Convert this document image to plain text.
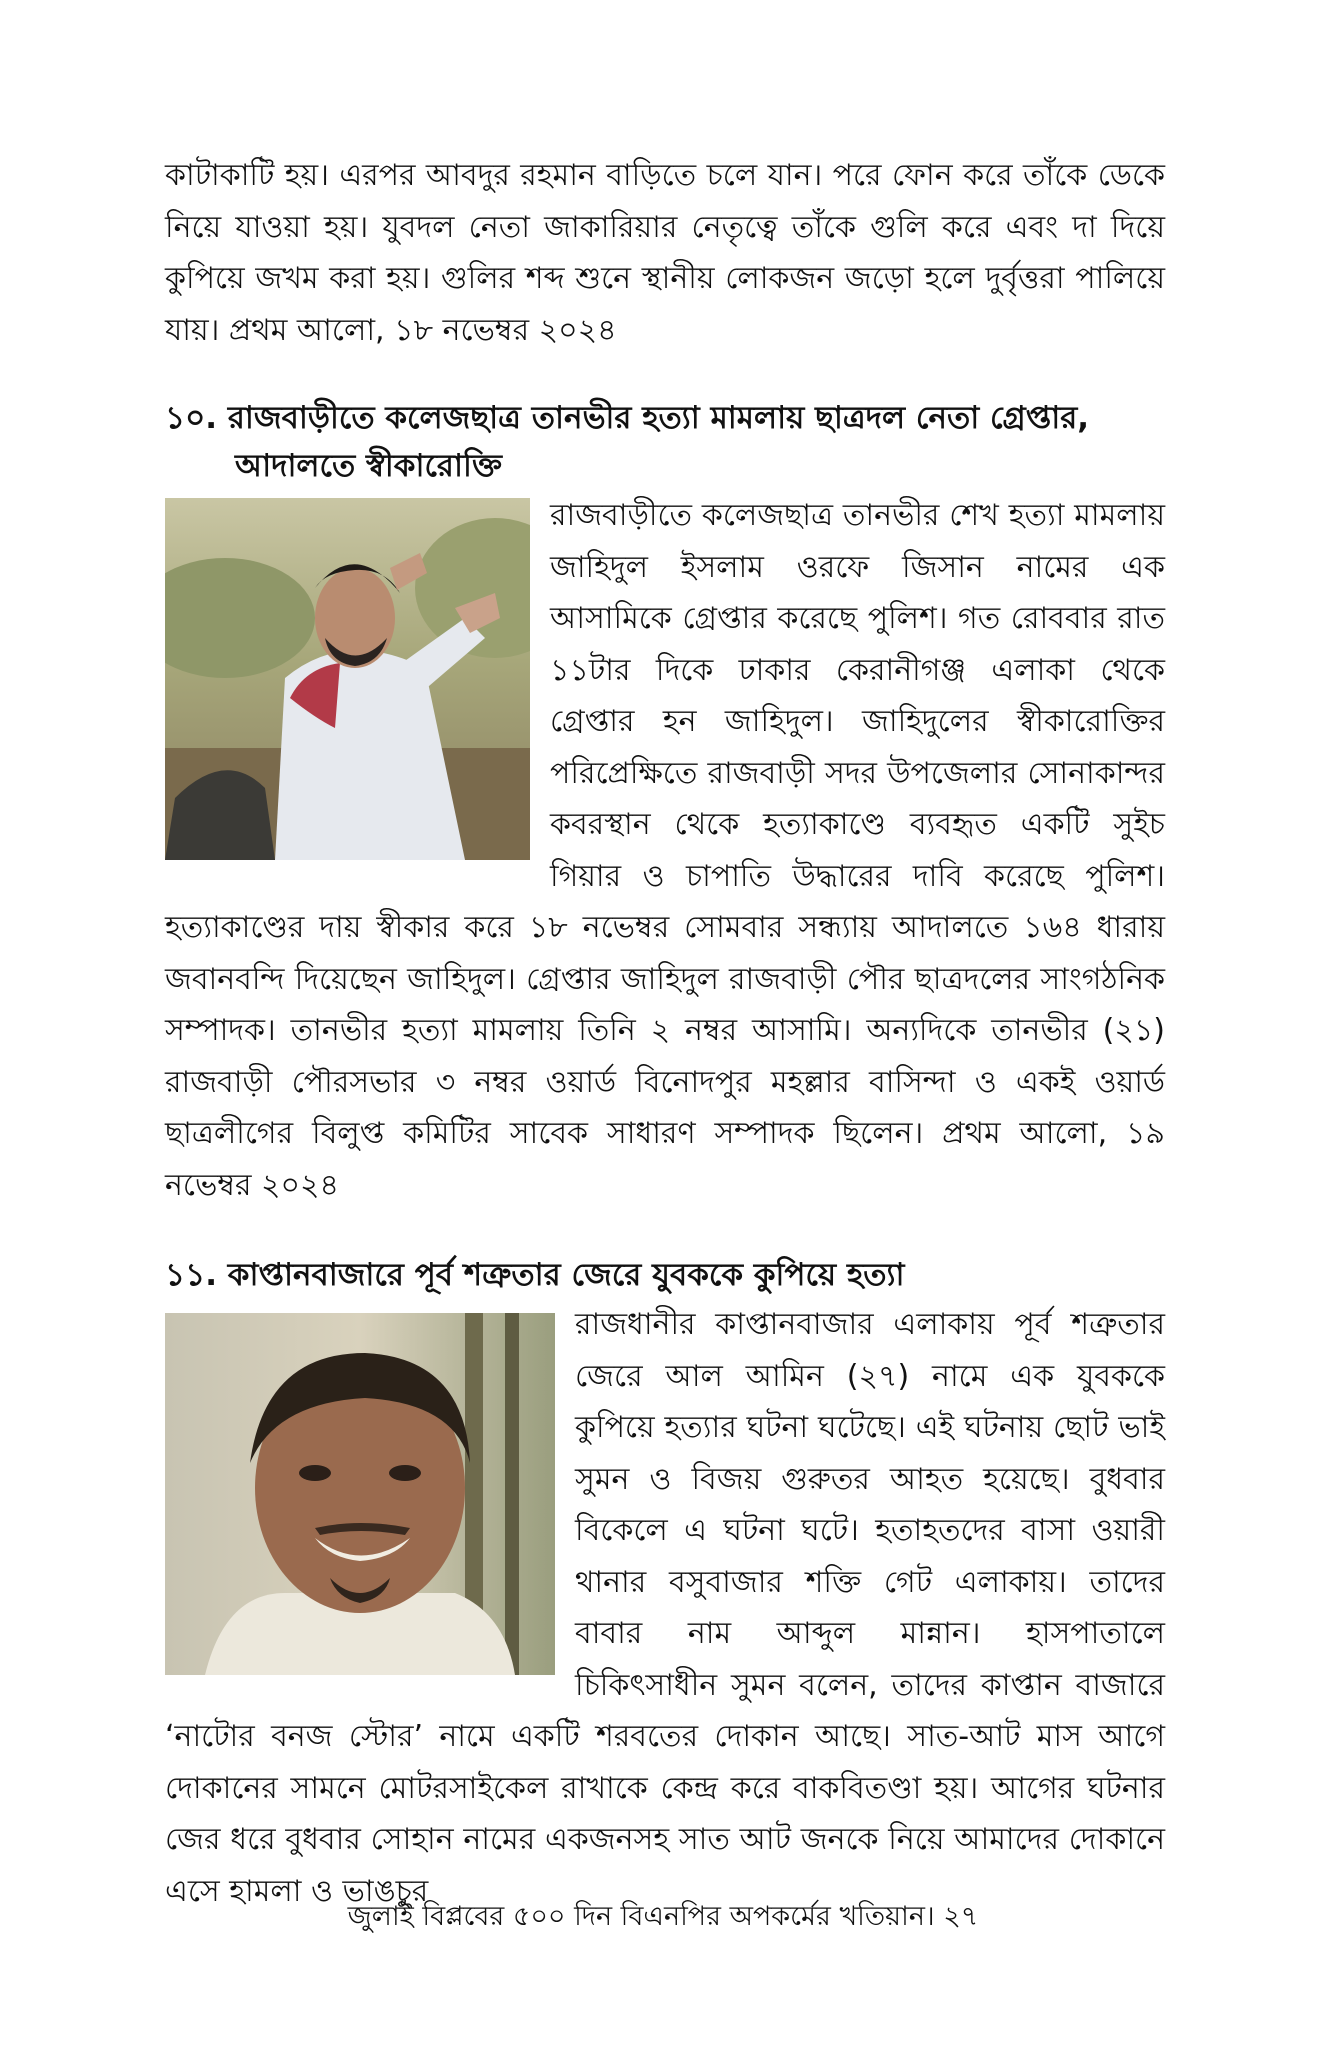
কাটাকাটি হয়। এরপর আবদুর রহমান বাড়িতে চলে যান। পরে ফোন করে তাঁকে ডেকে নিয়ে যাওয়া হয়। যুবদল নেতা জাকারিয়ার নেতৃত্বে তাঁকে গুলি করে এবং দা দিয়ে কুপিয়ে জখম করা হয়। গুলির শব্দ শুনে স্থানীয় লোকজন জড়ো হলে দুর্বৃত্তরা পালিয়ে যায়। প্রথম আলো, ১৮ নভেম্বর ২০২৪

১০. রাজবাড়ীতে কলেজছাত্র তানভীর হত্যা মামলায় ছাত্রদল নেতা গ্রেপ্তার, আদালতে স্বীকারোক্তি

রাজবাড়ীতে কলেজছাত্র তানভীর শেখ হত্যা মামলায় জাহিদুল ইসলাম ওরফে জিসান নামের এক আসামিকে গ্রেপ্তার করেছে পুলিশ। গত রোববার রাত ১১টার দিকে ঢাকার কেরানীগঞ্জ এলাকা থেকে গ্রেপ্তার হন জাহিদুল। জাহিদুলের স্বীকারোক্তির পরিপ্রেক্ষিতে রাজবাড়ী সদর উপজেলার সোনাকান্দর কবরস্থান থেকে হত্যাকাণ্ডে ব্যবহৃত একটি সুইচ গিয়ার ও চাপাতি উদ্ধারের দাবি করেছে পুলিশ। হত্যাকাণ্ডের দায় স্বীকার করে ১৮ নভেম্বর সোমবার সন্ধ্যায় আদালতে ১৬৪ ধারায় জবানবন্দি দিয়েছেন জাহিদুল। গ্রেপ্তার জাহিদুল রাজবাড়ী পৌর ছাত্রদলের সাংগঠনিক সম্পাদক। তানভীর হত্যা মামলায় তিনি ২ নম্বর আসামি। অন্যদিকে তানভীর (২১) রাজবাড়ী পৌরসভার ৩ নম্বর ওয়ার্ড বিনোদপুর মহল্লার বাসিন্দা ও একই ওয়ার্ড ছাত্রলীগের বিলুপ্ত কমিটির সাবেক সাধারণ সম্পাদক ছিলেন। প্রথম আলো, ১৯ নভেম্বর ২০২৪

১১. কাপ্তানবাজারে পূর্ব শত্রুতার জেরে যুবককে কুপিয়ে হত্যা

রাজধানীর কাপ্তানবাজার এলাকায় পূর্ব শত্রুতার জেরে আল আমিন (২৭) নামে এক যুবককে কুপিয়ে হত্যার ঘটনা ঘটেছে। এই ঘটনায় ছোট ভাই সুমন ও বিজয় গুরুতর আহত হয়েছে। বুধবার বিকেলে এ ঘটনা ঘটে। হতাহতদের বাসা ওয়ারী থানার বসুবাজার শক্তি গেট এলাকায়। তাদের বাবার নাম আব্দুল মান্নান। হাসপাতালে চিকিৎসাধীন সুমন বলেন, তাদের কাপ্তান বাজারে ‘নাটোর বনজ স্টোর’ নামে একটি শরবতের দোকান আছে। সাত-আট মাস আগে দোকানের সামনে মোটরসাইকেল রাখাকে কেন্দ্র করে বাকবিতণ্ডা হয়। আগের ঘটনার জের ধরে বুধবার সোহান নামের একজনসহ সাত আট জনকে নিয়ে আমাদের দোকানে এসে হামলা ও ভাঙচুর

জুলাই বিপ্লবের ৫০০ দিন বিএনপির অপকর্মের খতিয়ান। ২৭
